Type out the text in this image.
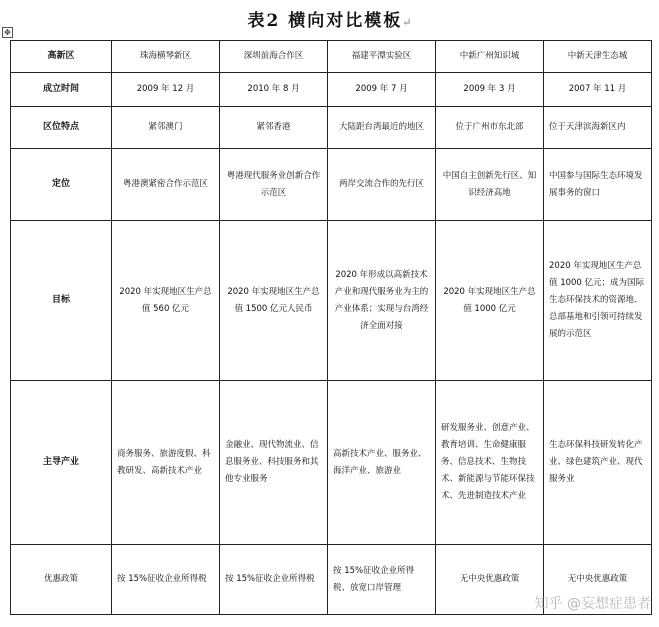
表2 横向对比模板↵
✥
高新区	珠海横琴新区	深圳前海合作区	福建平潭实验区	中新广州知识城	中新天津生态城
成立时间	2009 年 12 月	2010 年 8 月	2009 年 7 月	2009 年 3 月	2007 年 11 月
区位特点	紧邻澳门	紧邻香港	大陆距台湾最近的地区	位于广州市东北部	位于天津滨海新区内
定位	粤港澳紧密合作示范区	粤港现代服务业创新合作示范区	两岸交流合作的先行区	中国自主创新先行区、知识经济高地	中国参与国际生态环境发展事务的窗口
目标	2020 年实现地区生产总值 560 亿元	2020 年实现地区生产总值 1500 亿元人民币	2020 年形成以高新技术产业和现代服务业为主的产业体系；实现与台湾经济全面对接	2020 年实现地区生产总值 1000 亿元	2020 年实现地区生产总值 1000 亿元；成为国际生态环保技术的资源地、总部基地和引领可持续发展的示范区
主导产业	商务服务、旅游度假、科教研发、高新技术产业	金融业、现代物流业、信息服务业、科技服务和其他专业服务	高新技术产业、服务业、海洋产业、旅游业	研发服务业、创意产业、教育培训、生命健康服务、信息技术、生物技术、新能源与节能环保技术、先进制造技术产业	生态环保科技研发转化产业、绿色建筑产业、现代服务业
优惠政策	按 15%征收企业所得税	按 15%征收企业所得税	按 15%征收企业所得税、放宽口岸管理	无中央优惠政策	无中央优惠政策
知乎 @妄想症患者
